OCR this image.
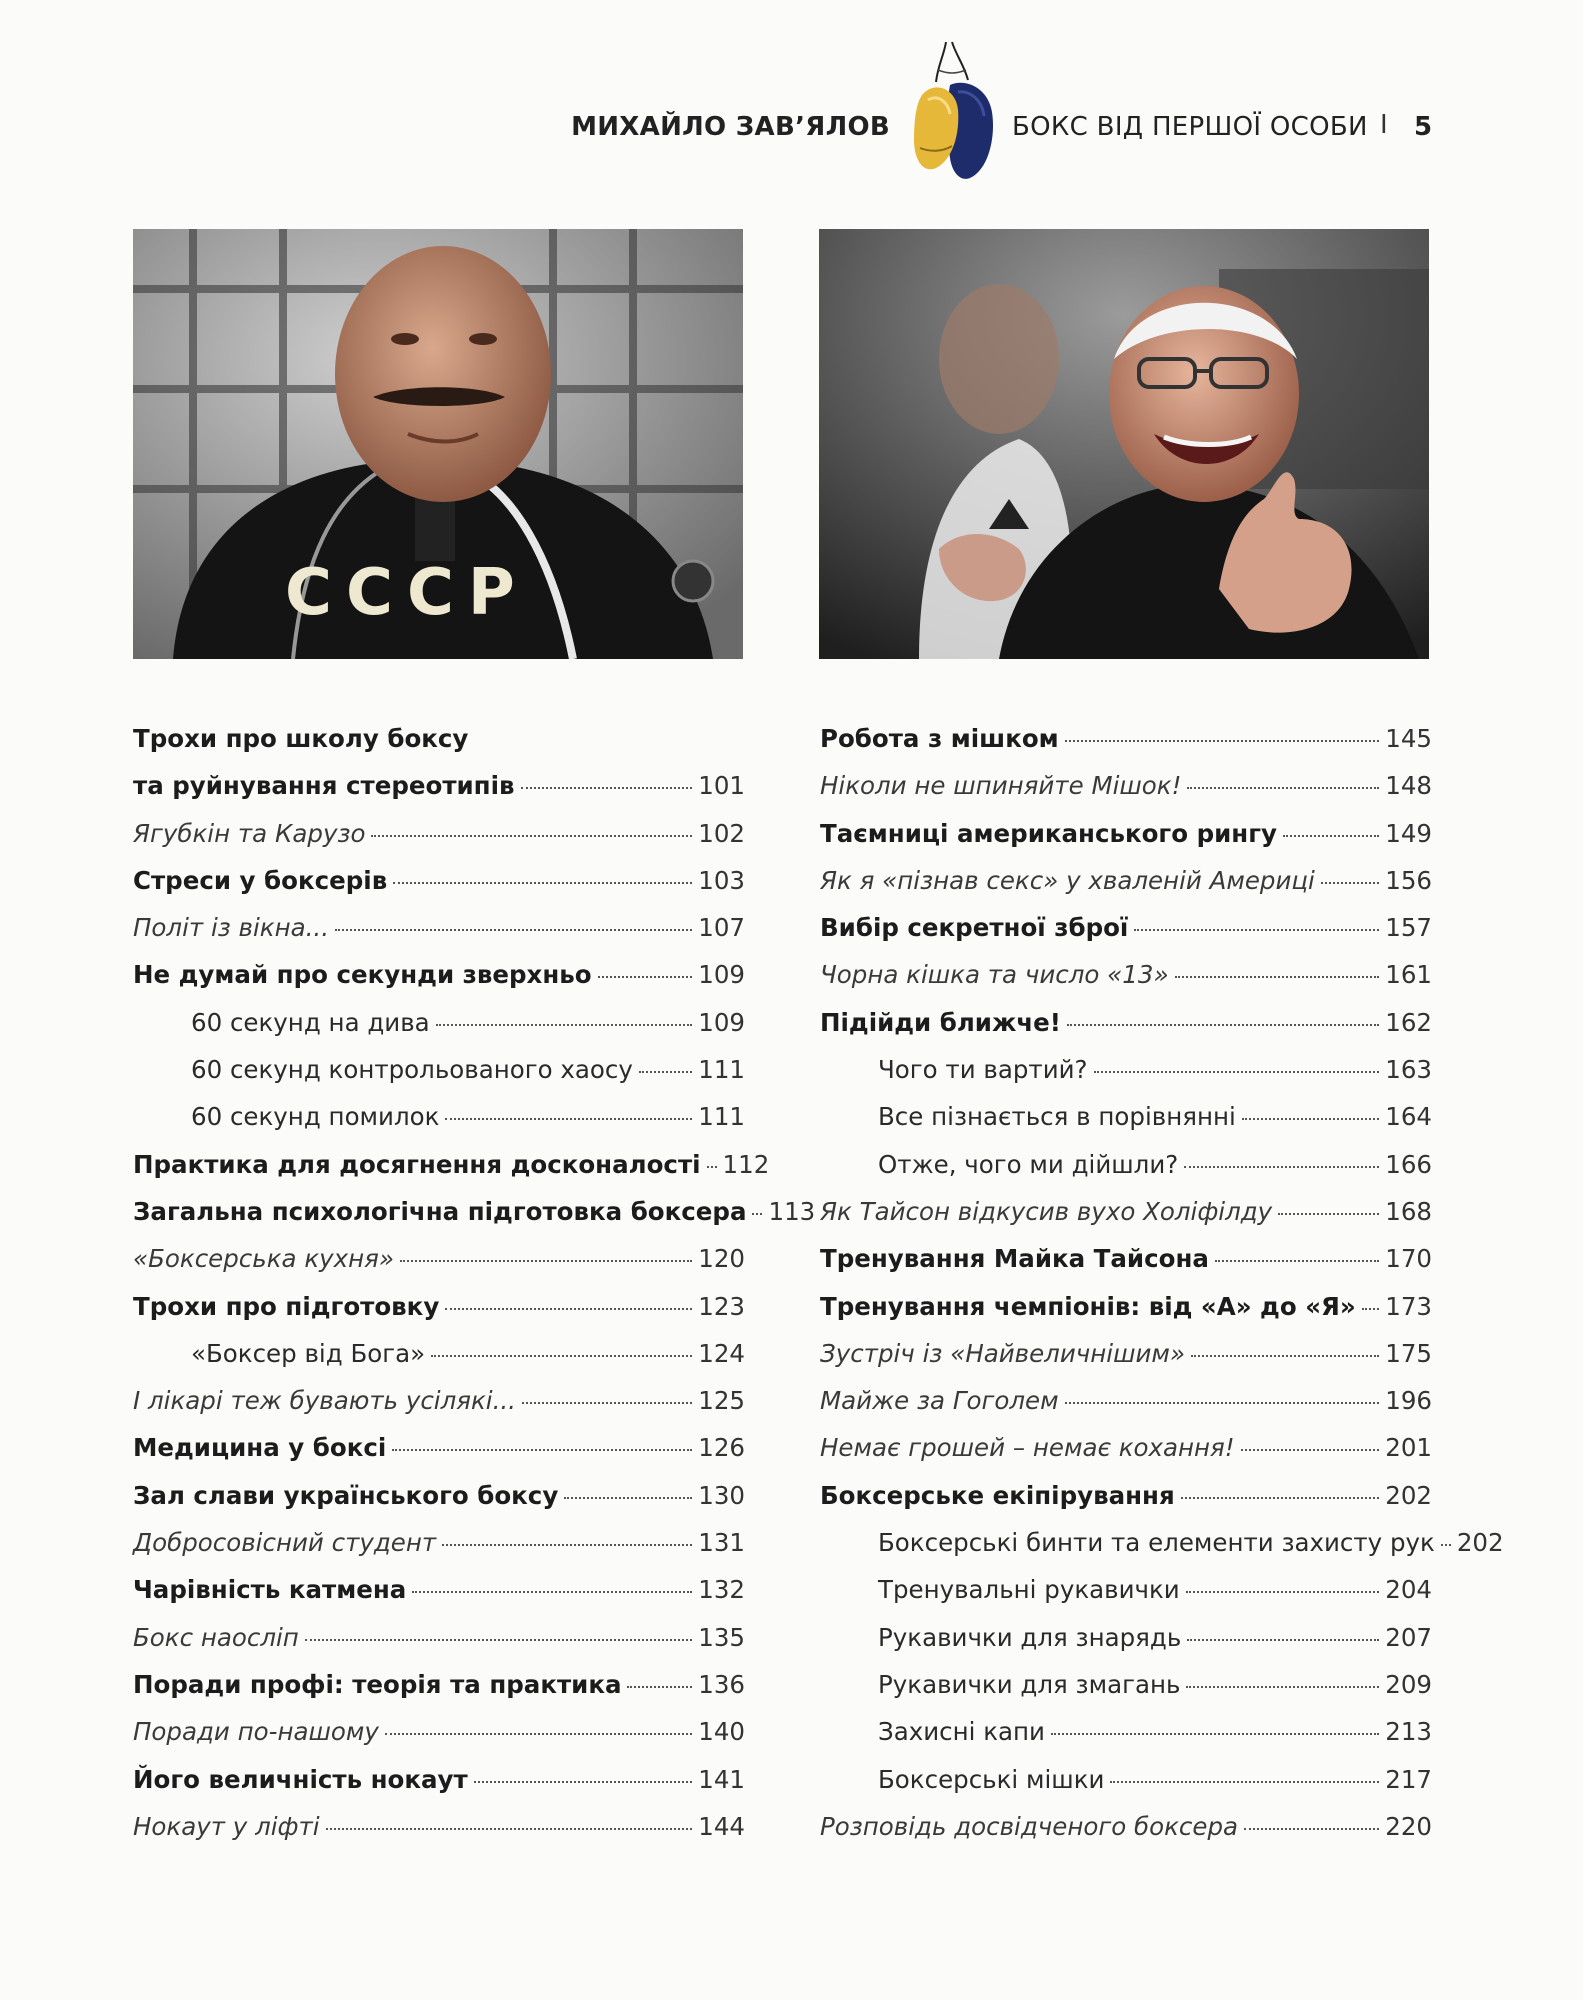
МИХАЙЛО ЗАВ’ЯЛОВ	БОКС ВІД ПЕРШОЇ ОСОБИ I 5
СССР
Трохи про школу боксу
та руйнування стереотипів	101
Ягубкін та Карузо	102
Стреси у боксерів	103
Політ із вікна...	107
Не думай про секунди зверхньо	109
60 секунд на дива	109
60 секунд контрольованого хаосу	111
60 секунд помилок	111
Практика для досягнення досконалості 112
Загальна психологічна підготовка боксера 113
«Боксерська кухня»	120
Трохи про підготовку	123
«Боксер від Бога»	124
І лікарі теж бувають усілякі...	125
Медицина у боксі	126
Зал слави українського боксу	130
Добросовісний студент	131
Чарівність катмена	132
Бокс наосліп	135
Поради профі: теорія та практика	136
Поради по-нашому	140
Його величність нокаут	141
Нокаут у ліфті	144
Робота з мішком	145
Ніколи не шпиняйте Мішок!	148
Таємниці американського рингу	149
Як я «пізнав секс» у хваленій Америці	156
Вибір секретної зброї	157
Чорна кішка та число «13»	161
Підійди ближче!	162
Чого ти вартий?	163
Все пізнається в порівнянні	164
Отже, чого ми дійшли?	166
Як Тайсон відкусив вухо Холіфілду	168
Тренування Майка Тайсона	170
Тренування чемпіонів: від «А» до «Я» 173
Зустріч із «Найвеличнішим»	175
Майже за Гоголем	196
Немає грошей – немає кохання!	201
Боксерське екіпірування	202
Боксерські бинти та елементи захисту рук 202
Тренувальні рукавички	204
Рукавички для знарядь	207
Рукавички для змагань	209
Захисні капи	213
Боксерські мішки	217
Розповідь досвідченого боксера	220
